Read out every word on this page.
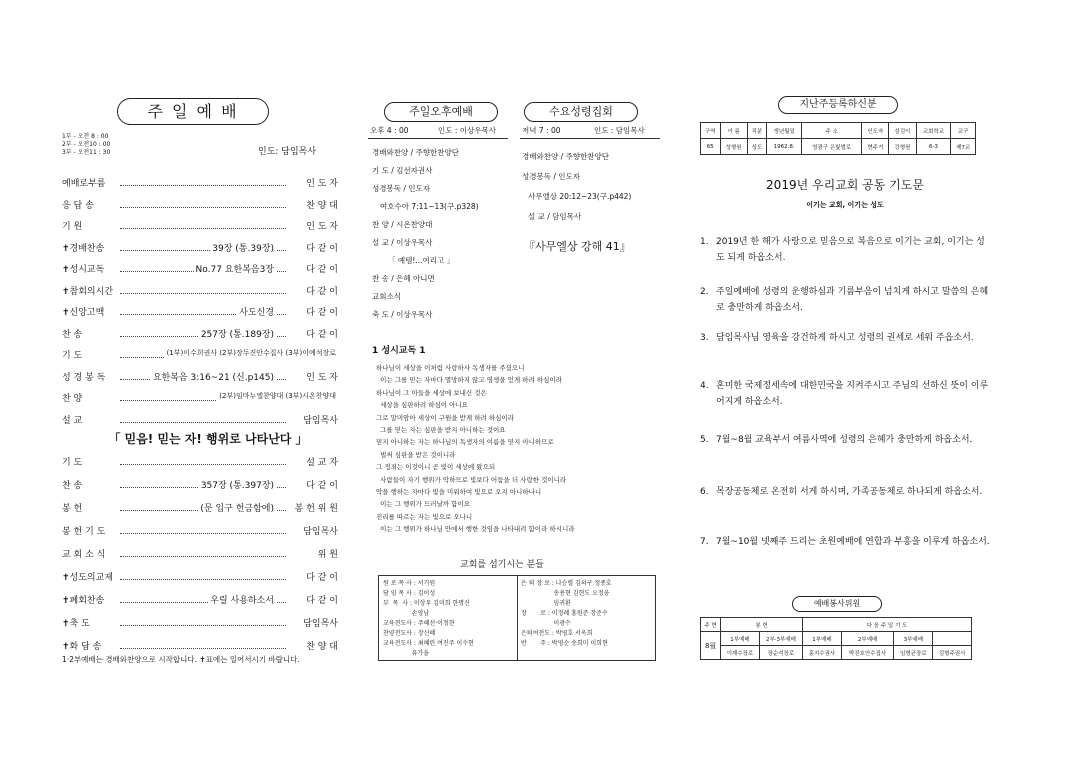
주 일 예 배
1부 - 오전 8 : 00
2부 - 오전10 : 00
3부 - 오전11 : 30	인도: 담임목사
예배로부름	인 도 자
응 답 송	찬 양 대
기 원	인 도 자
✝경배찬송	39장 (통.39장)	다 같 이
✝성시교독	No.77 요한복음3장	다 같 이
✝참회의시간	다 같 이
✝신앙고백	사도신경	다 같 이
찬 송	257장 (통.189장)	다 같 이
기 도	(1부)이수희권사 (2부)장두진안수집사 (3부)이예석장로
성 경 봉 독	요한복음 3:16~21 (신.p145)	인 도 자
찬 양	(2부)임마누엘찬양대 (3부)시온찬양대
설 교	담임목사
「 믿음! 믿는 자! 행위로 나타난다 」
기 도	설 교 자
찬 송	357장 (통.397장)	다 같 이
봉 헌	(문 입구 헌금함에) 봉 헌 위 원
봉 헌 기 도	담임목사
교 회 소 식	위 원
✝성도의교제	다 같 이
✝폐회찬송	우릴 사용하소서	다 같 이
✝축 도	담임목사
✝화 답 송	찬 양 대
1·2부예배는 경배와찬양으로 시작합니다. ✝표에는 일어서시기 바랍니다.
주일오후예배	수요성령집회
오후 4 : 00	인도 : 이상우목사
경배와찬양 / 주향한찬양단
기 도 / 김선자권사
성경봉독 / 인도자
여호수아 7:11~13(구.p328)
찬 양 / 시온찬양대
설 교 / 이상우목사
「 예템!...여리고 」
찬 송 / 은혜 아니면
교회소식
축 도 / 이상우목사
저녁 7 : 00	인도 : 담임목사
경배와찬양 / 주향한찬양단
성경봉독 / 인도자
사무엘상 20:12~23(구.p442)
설 교 / 담임목사
『사무엘상 강해 41』
1 성시교독 1
하나님이 세상을 이처럼 사랑하사 독생자를 주셨으니
이는 그를 믿는 자마다 멸망하지 않고 영생을 얻게 하려 하심이라
하나님이 그 아들을 세상에 보내신 것은
세상을 심판하려 하심이 아니요
그로 말미암아 세상이 구원을 받게 하려 하심이라
그를 믿는 자는 심판을 받지 아니하는 것이요
믿지 아니하는 자는 하나님의 독생자의 이름을 믿지 아니하므로
벌써 심판을 받은 것이니라
그 정죄는 이것이니 곧 빛이 세상에 왔으되
사람들이 자기 행위가 악하므로 빛보다 어둠을 더 사랑한 것이니라
악을 행하는 자마다 빛을 미워하여 빛으로 오지 아니하나니
이는 그 행위가 드러날까 함이요
진리를 따르는 자는 빛으로 오나니
이는 그 행위가 하나님 안에서 행한 것임을 나타내려 함이라 하시니라
교회를 섬기시는 분들
원 로 목 사 : 서기원
담 임 목 사 : 김이성
부  목  사 : 이상우 김미희 한명신
손영남
교육전도사 : 주혜선·이정현
찬양전도사 : 장신혜
교육전도사 : 최혜린 여진주 이수현
유가을
은 퇴 장 로 : 나승렬 김의구 정종호
송용현 김현도 오정웅
임귀환
장       로 : 이정례 홍원준 장준수
이광수
은퇴여전도 : 박영호 서옥희
반       주 : 박영순 송희미 이희현
지난주등록하신분
구역	이 름	직분	생년월일	주 소	인도자	섬김이	교회학교	교구
65	성형원	성도	1962.8.	영광구 은빛벌로	현주거	강형원	6-3	제7교
2019년 우리교회 공동 기도문
이기는 교회, 이기는 성도
1. 2019년 한 해가 사랑으로 믿음으로 복음으로 이기는 교회, 이기는 성도 되게 하옵소서.
2. 주일예배에 성령의 운행하심과 기름부음이 넘치게 하시고 말씀의 은혜로 충만하게 하옵소서.
3. 담임목사님 영육을 강건하게 하시고 성령의 권세로 세워 주옵소서.
4. 혼미한 국제정세속에 대한민국을 지켜주시고 주님의 선하신 뜻이 이루어지게 하옵소서.
5. 7월~8월 교육부서 여름사역에 성령의 은혜가 충만하게 하옵소서.
6. 목장공동체로 온전히 서게 하시며, 가족공동체로 하나되게 하옵소서.
7. 7월~10월 넷째주 드리는 초원예배에 연합과 부흥을 이루게 하옵소서.
예배봉사위원
주 현	봉 헌		다 음 주 일 기 도			
8월	1부예배	2부·3부예배	1부예배	2부예배	3부예배	
	이재수장로	장순석장로	홍지수권사	박진호안수집사	임형균장로	김형주권사
